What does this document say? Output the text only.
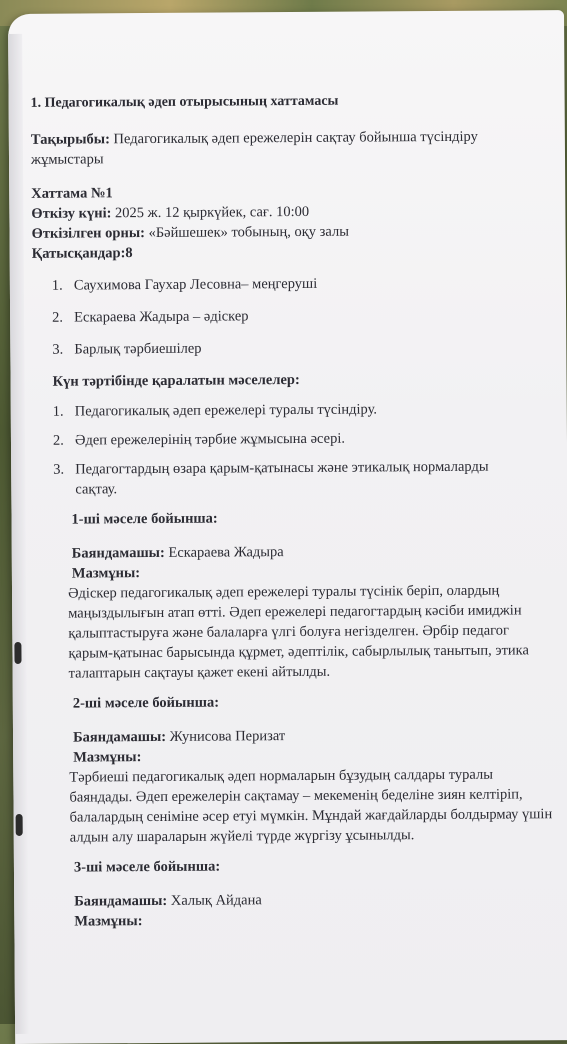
1. Педагогикалық әдеп отырысының хаттамасы

Тақырыбы: Педагогикалық әдеп ережелерін сақтау бойынша түсіндіру жұмыстары

Хаттама №1

Өткізу күні: 2025 ж. 12 қыркүйек, сағ. 10:00

Өткізілген орны: «Бәйшешек» тобының, оқу залы

Қатысқандар:8

1. Саухимова Гаухар Лесовна– меңгеруші
2. Ескараева Жадыра – әдіскер
3. Барлық тәрбиешілер

Күн тәртібінде қаралатын мәселелер:

1. Педагогикалық әдеп ережелері туралы түсіндіру.
2. Әдеп ережелерінің тәрбие жұмысына әсері.
3. Педагогтардың өзара қарым-қатынасы және этикалық нормаларды сақтау.

1-ші мәселе бойынша:

Баяндамашы: Ескараева Жадыра

Мазмұны:

Әдіскер педагогикалық әдеп ережелері туралы түсінік беріп, олардың маңыздылығын атап өтті. Әдеп ережелері педагогтардың кәсіби имиджін қалыптастыруға және балаларға үлгі болуға негізделген. Әрбір педагог қарым-қатынас барысында құрмет, әдептілік, сабырлылық танытып, этика талаптарын сақтауы қажет екені айтылды.

2-ші мәселе бойынша:

Баяндамашы: Жунисова Перизат

Мазмұны:

Тәрбиеші педагогикалық әдеп нормаларын бұзудың салдары туралы баяндады. Әдеп ережелерін сақтамау – мекеменің беделіне зиян келтіріп, балалардың сеніміне әсер етуі мүмкін. Мұндай жағдайларды болдырмау үшін алдын алу шараларын жүйелі түрде жүргізу ұсынылды.

3-ші мәселе бойынша:

Баяндамашы: Халық Айдана

Мазмұны:
